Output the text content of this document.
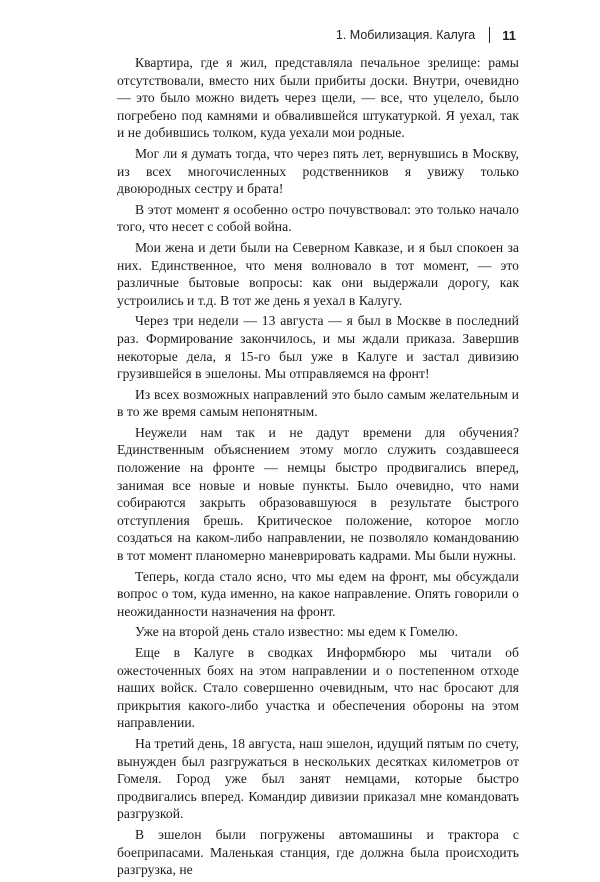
1. Мобилизация. Калуга 11

Квартира, где я жил, представляла печальное зрелище: рамы отсутствовали, вместо них были прибиты доски. Внутри, очевидно — это было можно видеть через щели, — все, что уцелело, было погребено под камнями и обвалившейся штукатуркой. Я уехал, так и не добившись толком, куда уехали мои родные.

Мог ли я думать тогда, что через пять лет, вернувшись в Москву, из всех многочисленных родственников я увижу только двоюродных сестру и брата!

В этот момент я особенно остро почувствовал: это только начало того, что несет с собой война.

Мои жена и дети были на Северном Кавказе, и я был спокоен за них. Единственное, что меня волновало в тот момент, — это различные бытовые вопросы: как они выдержали дорогу, как устроились и т.д. В тот же день я уехал в Калугу.

Через три недели — 13 августа — я был в Москве в последний раз. Формирование закончилось, и мы ждали приказа. Завершив некоторые дела, я 15-го был уже в Калуге и застал дивизию грузившейся в эшелоны. Мы отправляемся на фронт!

Из всех возможных направлений это было самым желательным и в то же время самым непонятным.

Неужели нам так и не дадут времени для обучения? Единственным объяснением этому могло служить создавшееся положение на фронте — немцы быстро продвигались вперед, занимая все новые и новые пункты. Было очевидно, что нами собираются закрыть образовавшуюся в результате быстрого отступления брешь. Критическое положение, которое могло создаться на каком-либо направлении, не позволяло командованию в тот момент планомерно маневрировать кадрами. Мы были нужны.

Теперь, когда стало ясно, что мы едем на фронт, мы обсуждали вопрос о том, куда именно, на какое направление. Опять говорили о неожиданности назначения на фронт.

Уже на второй день стало известно: мы едем к Гомелю.

Еще в Калуге в сводках Информбюро мы читали об ожесточенных боях на этом направлении и о постепенном отходе наших войск. Стало совершенно очевидным, что нас бросают для прикрытия какого-либо участка и обеспечения обороны на этом направлении.

На третий день, 18 августа, наш эшелон, идущий пятым по счету, вынужден был разгружаться в нескольких десятках километров от Гомеля. Город уже был занят немцами, которые быстро продвигались вперед. Командир дивизии приказал мне командовать разгрузкой.

В эшелон были погружены автомашины и трактора с боеприпасами. Маленькая станция, где должна была происходить разгрузка, не
